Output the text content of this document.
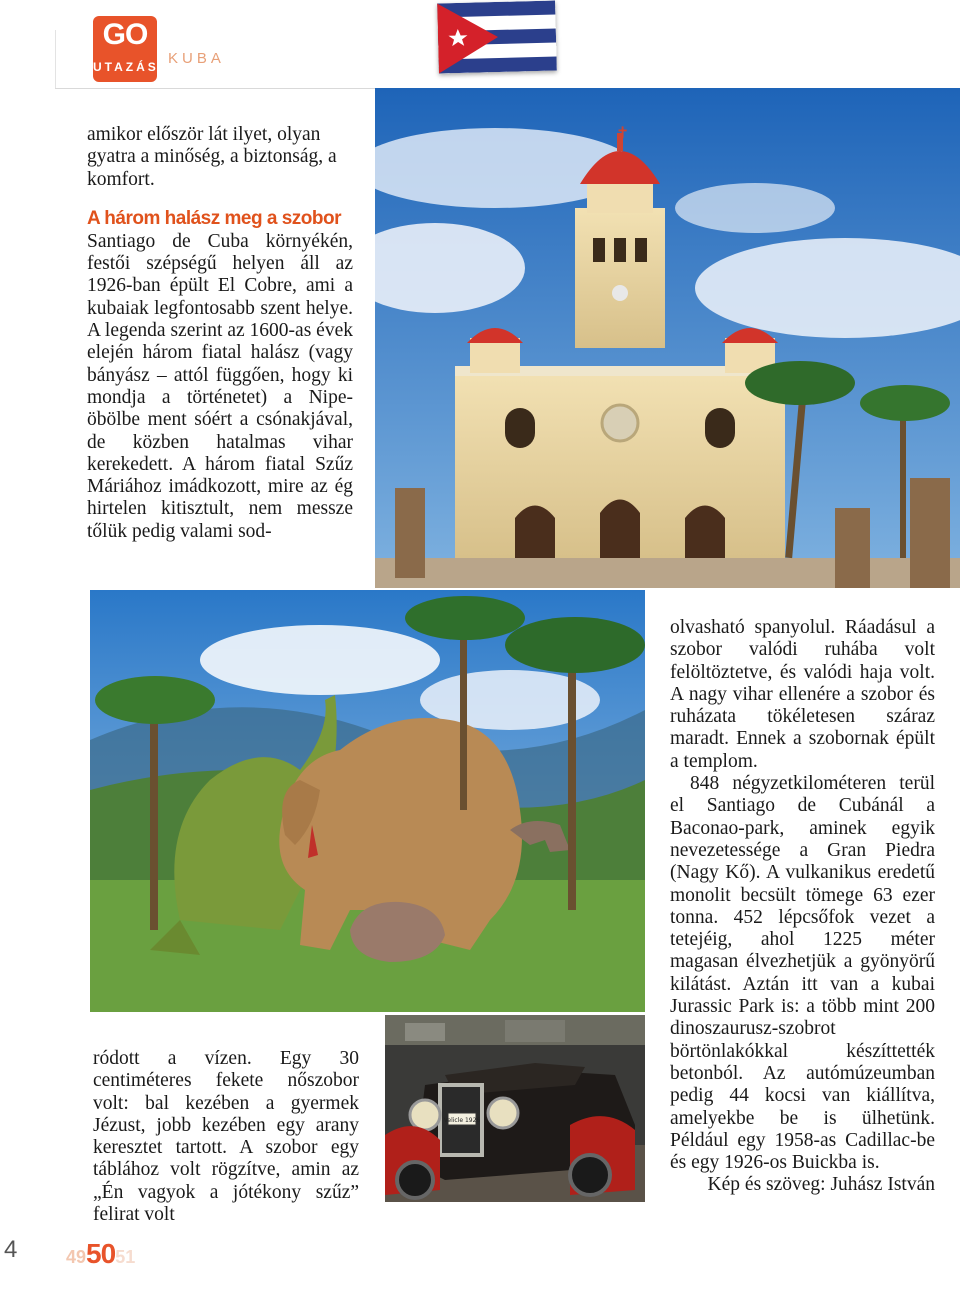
GO
UTAZÁS KUBA

amikor először lát ilyet, olyan gyatra a minőség, a biztonság, a komfort.

A három halász meg a szobor

Santiago de Cuba környékén, festői szépségű helyen áll az 1926-ban épült El Cobre, ami a kubaiak legfontosabb szent helye. A legenda szerint az 1600-as évek elején három fiatal halász (vagy bányász – attól függően, hogy ki mondja a történetet) a Nipe-öbölbe ment sóért a csónakjával, de közben hatalmas vihar kerekedett. A három fiatal Szűz Máriához imádkozott, mire az ég hirtelen kitisztult, nem messze tőlük pedig valami sod-

✝

olvasható spanyolul. Ráadásul a szobor valódi ruhába volt felöltöztetve, és valódi haja volt. A nagy vihar ellenére a szobor és ruházata tökéletesen száraz maradt. Ennek a szobornak épült a templom.

848 négyzetkilométeren terül el Santiago de Cubánál a Baconao-park, aminek egyik nevezetessége a Gran Piedra (Nagy Kő). A vulkanikus eredetű monolit becsült tömege 63 ezer tonna. 452 lépcsőfok vezet a tetejéig, ahol 1225 méter magasan élvezhetjük a gyönyörű kilátást. Aztán itt van a kubai Jurassic Park is: a több mint 200 dinoszaurusz-szobrot börtönlakókkal készíttették betonból. Az autómúzeumban pedig 44 kocsi van kiállítva, amelyekbe be is ülhetünk. Például egy 1958-as Cadillac-be és egy 1926-os Buickba is.

Kép és szöveg: Juhász István

ródott a vízen. Egy 30 centiméteres fekete nőszobor volt: bal kezében a gyermek Jézust, jobb kezében egy arany keresztet tartott. A szobor egy táblához volt rögzítve, amin az „Én vagyok a jótékony szűz” felirat volt

Velicle 1926
4	495051
